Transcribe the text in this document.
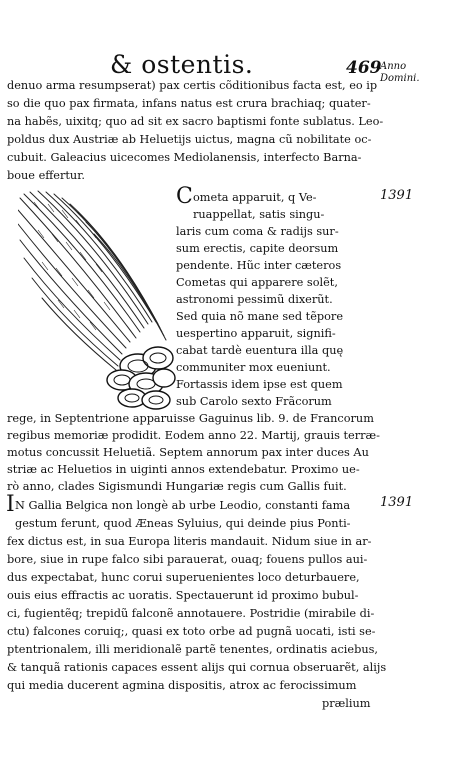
& ostentis.	469
Anno Domini.
denuo arma resumpserat) pax certis cõditionibus facta est, eo ip
so die quo pax firmata, infans natus est crura brachiaq; quater-
na habẽs, uixitq; quo ad sit ex sacro baptismi fonte sublatus. Leo-
poldus dux Austriæ ab Heluetijs uictus, magna cũ nobilitate oc-
cubuit. Galeacius uicecomes Mediolanensis, interfecto Barna-
boue effertur.
C ometa apparuit, q Ve-
ruappellat, satis singu-
laris cum coma & radijs sur-
sum erectis, capite deorsum
pendente. Hũc inter cæteros
Cometas qui apparere solẽt,
astronomi pessimũ dixerũt.
Sed quia nõ mane sed tẽpore
uespertino apparuit, signifi-
cabat tardè euentura illa quę
communiter mox eueniunt.
Fortassis idem ipse est quem
sub Carolo sexto Frãcorum
rege, in Septentrione apparuisse Gaguinus lib. 9. de Francorum
regibus memoriæ prodidit. Eodem anno 22. Martij, grauis terræ-
motus concussit Heluetiã. Septem annorum pax inter duces Au
striæ ac Heluetios in uiginti annos extendebatur. Proximo ue-
rò anno, clades Sigismundi Hungariæ regis cum Gallis fuit.
1391
I N Gallia Belgica non longè ab urbe Leodio, constanti fama
gestum ferunt, quod Æneas Syluius, qui deinde pius Ponti-
fex dictus est, in sua Europa literis mandauit. Nidum siue in ar-
bore, siue in rupe falco sibi parauerat, ouaq; fouens pullos aui-
dus expectabat, hunc corui superuenientes loco deturbauere,
ouis eius effractis ac uoratis. Spectauerunt id proximo bubul-
ci, fugientẽq; trepidũ falconẽ annotauere. Postridie (mirabile di-
ctu) falcones coruiq;, quasi ex toto orbe ad pugnã uocati, isti se-
ptentrionalem, illi meridionalẽ partẽ tenentes, ordinatis aciebus,
& tanquã rationis capaces essent alijs qui cornua obseruarẽt, alijs
qui media ducerent agmina dispositis, atrox ac ferocissimum
prælium
1391
